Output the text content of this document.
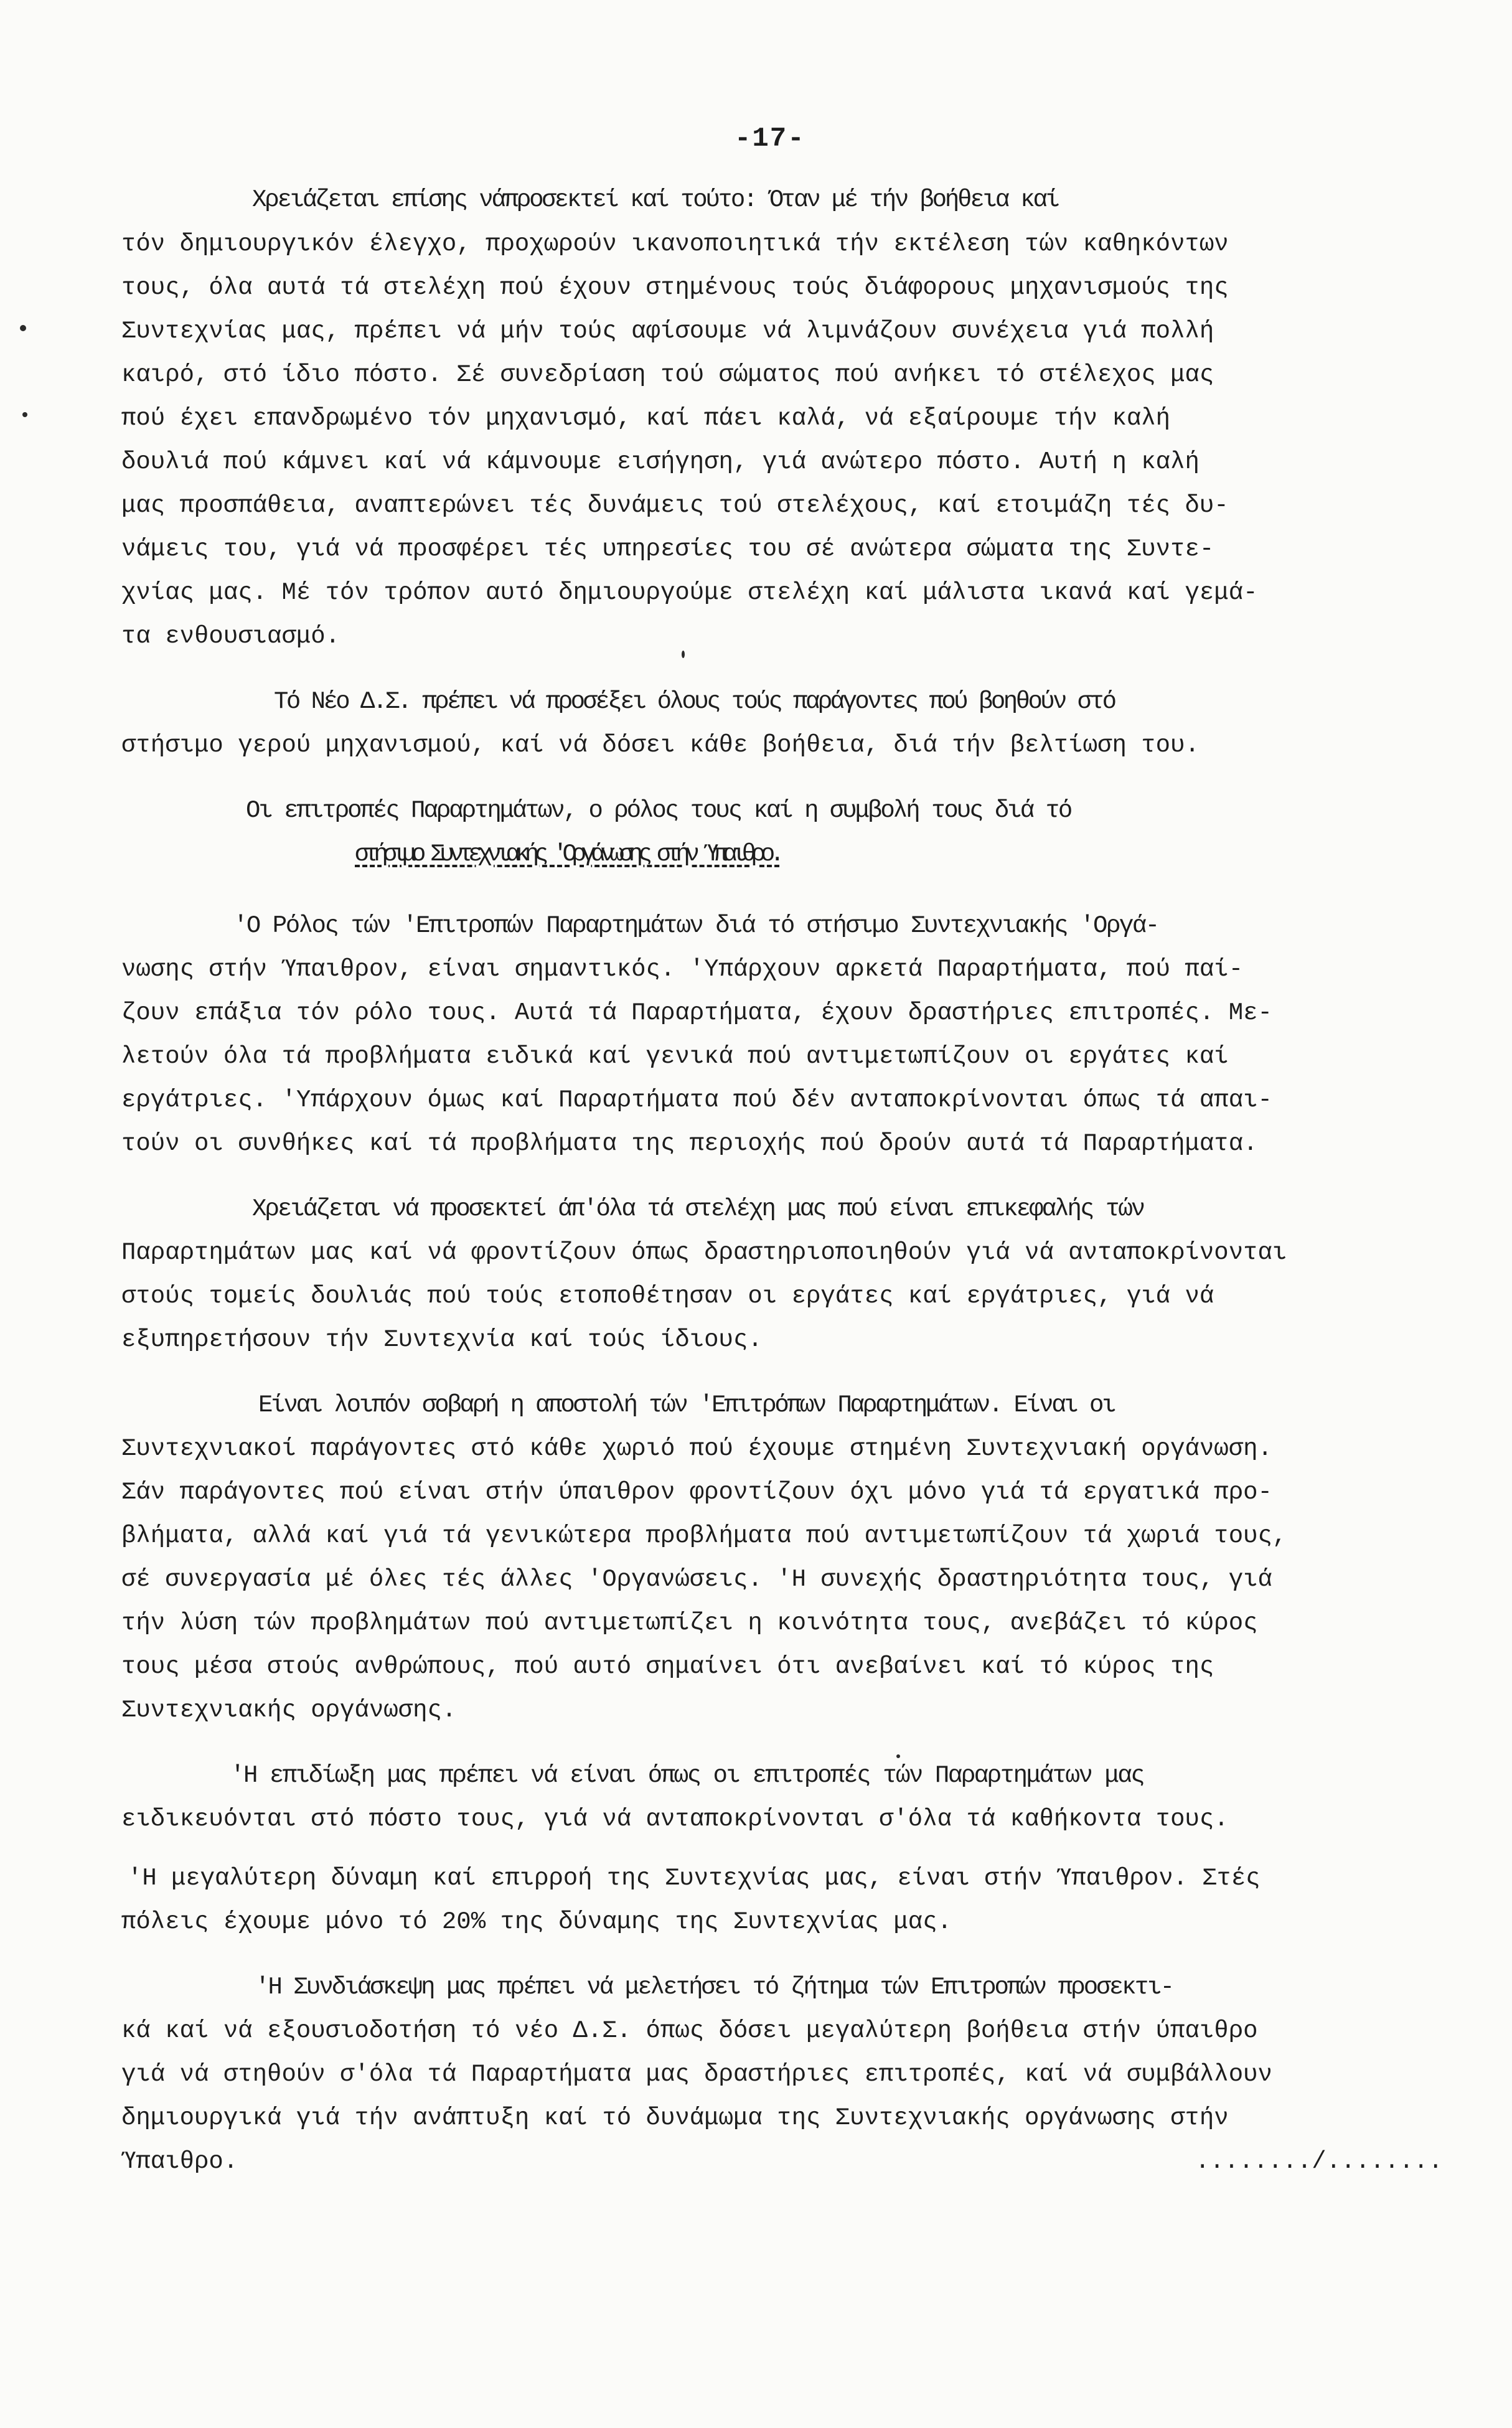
-17-
Χρειάζεται επίσης νάπροσεκτεί καί τούτο: Όταν μέ τήν βοήθεια καί
τόν δημιουργικόν έλεγχο, προχωρούν ικανοποιητικά τήν εκτέλεση τών καθηκόντων
τους, όλα αυτά τά στελέχη πού έχουν στημένους τούς διάφορους μηχανισμούς της
Συντεχνίας μας, πρέπει νά μήν τούς αφίσουμε νά λιμνάζουν συνέχεια γιά πολλή
καιρό, στό ίδιο πόστο. Σέ συνεδρίαση τού σώματος πού ανήκει τό στέλεχος μας
πού έχει επανδρωμένο τόν μηχανισμό, καί πάει καλά, νά εξαίρουμε τήν καλή
δουλιά πού κάμνει καί νά κάμνουμε εισήγηση, γιά ανώτερο πόστο. Αυτή η καλή
μας προσπάθεια, αναπτερώνει τές δυνάμεις τού στελέχους, καί ετοιμάζη τές δυ-
νάμεις του, γιά νά προσφέρει τές υπηρεσίες του σέ ανώτερα σώματα της Συντε-
χνίας μας. Μέ τόν τρόπον αυτό δημιουργούμε στελέχη καί μάλιστα ικανά καί γεμά-
τα ενθουσιασμό.
Τό Νέο Δ.Σ. πρέπει νά προσέξει όλους τούς παράγοντες πού βοηθούν στό
στήσιμο γερού μηχανισμού, καί νά δόσει κάθε βοήθεια, διά τήν βελτίωση του.
Οι επιτροπές Παραρτημάτων, ο ρόλος τους καί η συμβολή τους διά τό
στήσιμο Συντεχνιακής 'Οργάνωσης στήν Ύπαιθρο.
'Ο Ρόλος τών 'Επιτροπών Παραρτημάτων διά τό στήσιμο Συντεχνιακής 'Οργά-
νωσης στήν Ύπαιθρον, είναι σημαντικός. 'Υπάρχουν αρκετά Παραρτήματα, πού παί-
ζουν επάξια τόν ρόλο τους. Αυτά τά Παραρτήματα, έχουν δραστήριες επιτροπές. Με-
λετούν όλα τά προβλήματα ειδικά καί γενικά πού αντιμετωπίζουν οι εργάτες καί
εργάτριες. 'Υπάρχουν όμως καί Παραρτήματα πού δέν ανταποκρίνονται όπως τά απαι-
τούν οι συνθήκες καί τά προβλήματα της περιοχής πού δρούν αυτά τά Παραρτήματα.
Χρειάζεται νά προσεκτεί άπ'όλα τά στελέχη μας πού είναι επικεφαλής τών
Παραρτημάτων μας καί νά φροντίζουν όπως δραστηριοποιηθούν γιά νά ανταποκρίνονται
στούς τομείς δουλιάς πού τούς ετοποθέτησαν οι εργάτες καί εργάτριες, γιά νά
εξυπηρετήσουν τήν Συντεχνία καί τούς ίδιους.
Είναι λοιπόν σοβαρή η αποστολή τών 'Επιτρόπων Παραρτημάτων. Είναι οι
Συντεχνιακοί παράγοντες στό κάθε χωριό πού έχουμε στημένη Συντεχνιακή οργάνωση.
Σάν παράγοντες πού είναι στήν ύπαιθρον φροντίζουν όχι μόνο γιά τά εργατικά προ-
βλήματα, αλλά καί γιά τά γενικώτερα προβλήματα πού αντιμετωπίζουν τά χωριά τους,
σέ συνεργασία μέ όλες τές άλλες 'Οργανώσεις. 'Η συνεχής δραστηριότητα τους, γιά
τήν λύση τών προβλημάτων πού αντιμετωπίζει η κοινότητα τους, ανεβάζει τό κύρος
τους μέσα στούς ανθρώπους, πού αυτό σημαίνει ότι ανεβαίνει καί τό κύρος της
Συντεχνιακής οργάνωσης.
'Η επιδίωξη μας πρέπει νά είναι όπως οι επιτροπές τών Παραρτημάτων μας
ειδικευόνται στό πόστο τους, γιά νά ανταποκρίνονται σ'όλα τά καθήκοντα τους.
'Η μεγαλύτερη δύναμη καί επιρροή της Συντεχνίας μας, είναι στήν Ύπαιθρον. Στές
πόλεις έχουμε μόνο τό 20% της δύναμης της Συντεχνίας μας.
'Η Συνδιάσκεψη μας πρέπει νά μελετήσει τό ζήτημα τών Επιτροπών προσεκτι-
κά καί νά εξουσιοδοτήση τό νέο Δ.Σ. όπως δόσει μεγαλύτερη βοήθεια στήν ύπαιθρο
γιά νά στηθούν σ'όλα τά Παραρτήματα μας δραστήριες επιτροπές, καί νά συμβάλλουν
δημιουργικά γιά τήν ανάπτυξη καί τό δυνάμωμα της Συντεχνιακής οργάνωσης στήν
Ύπαιθρο.	......../........
